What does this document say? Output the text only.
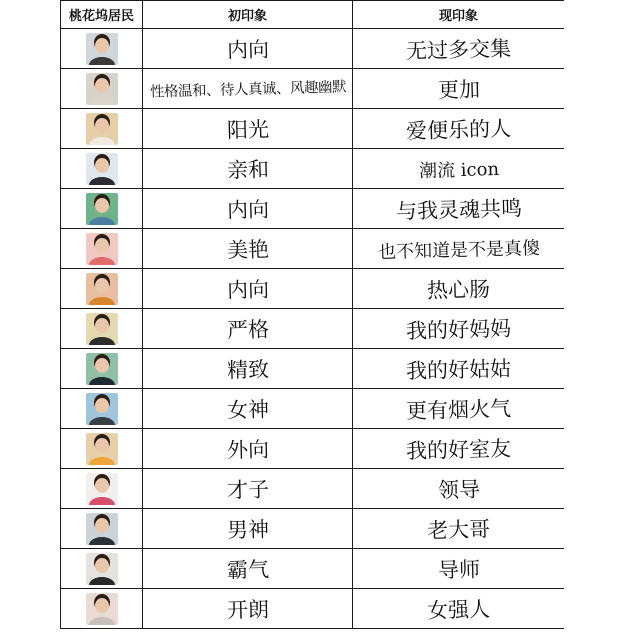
桃花坞居民	初印象	现印象

	内向	无过多交集

	性格温和、待人真诚、风趣幽默	更加

	阳光	爱便乐的人

	亲和	潮流 icon

	内向	与我灵魂共鸣

	美艳	也不知道是不是真傻

	内向	热心肠

	严格	我的好妈妈

	精致	我的好姑姑

	女神	更有烟火气

	外向	我的好室友

	才子	领导

	男神	老大哥

	霸气	导师

	开朗	女强人
